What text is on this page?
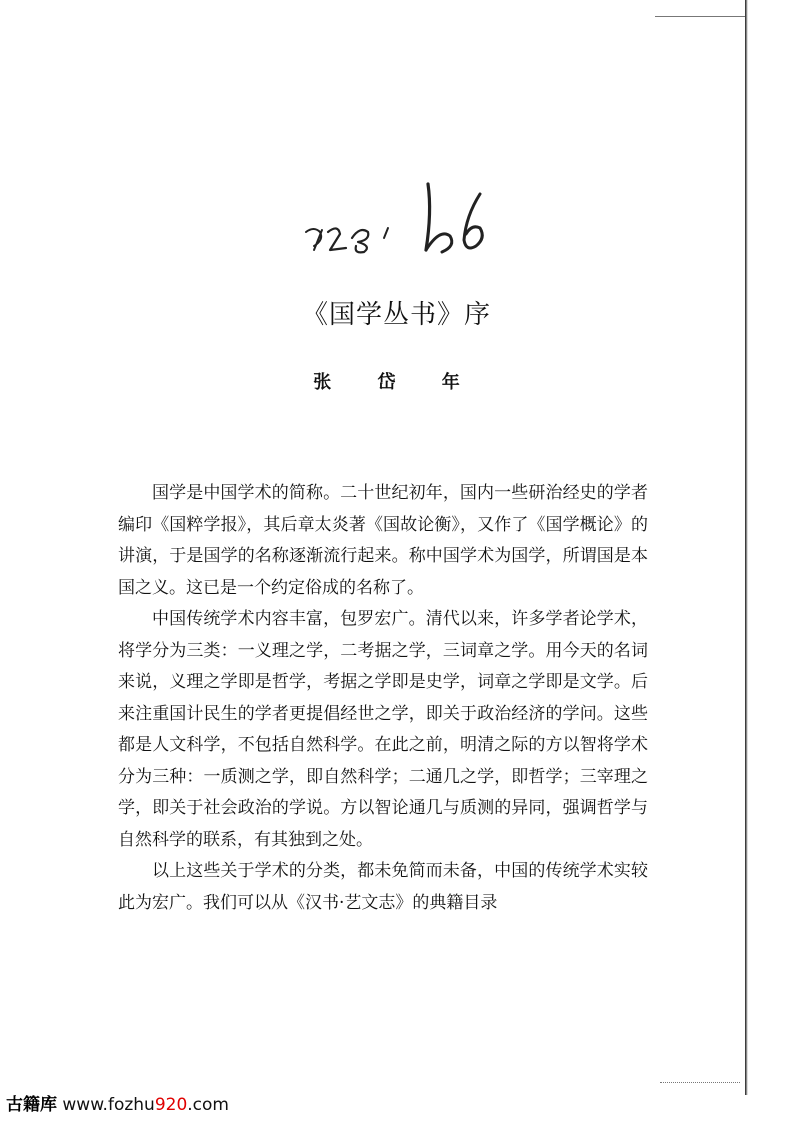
《国学丛书》序
张 岱 年

国学是中国学术的简称。二十世纪初年，国内一些研治经史的学者编印《国粹学报》，其后章太炎著《国故论衡》，又作了《国学概论》的讲演，于是国学的名称逐渐流行起来。称中国学术为国学，所谓国是本国之义。这已是一个约定俗成的名称了。

中国传统学术内容丰富，包罗宏广。清代以来，许多学者论学术，将学分为三类：一义理之学，二考据之学，三词章之学。用今天的名词来说，义理之学即是哲学，考据之学即是史学，词章之学即是文学。后来注重国计民生的学者更提倡经世之学，即关于政治经济的学问。这些都是人文科学，不包括自然科学。在此之前，明清之际的方以智将学术分为三种：一质测之学，即自然科学；二通几之学，即哲学；三宰理之学，即关于社会政治的学说。方以智论通几与质测的异同，强调哲学与自然科学的联系，有其独到之处。

以上这些关于学术的分类，都未免简而未备，中国的传统学术实较此为宏广。我们可以从《汉书·艺文志》的典籍目录

古籍库 www.fozhu920.com
